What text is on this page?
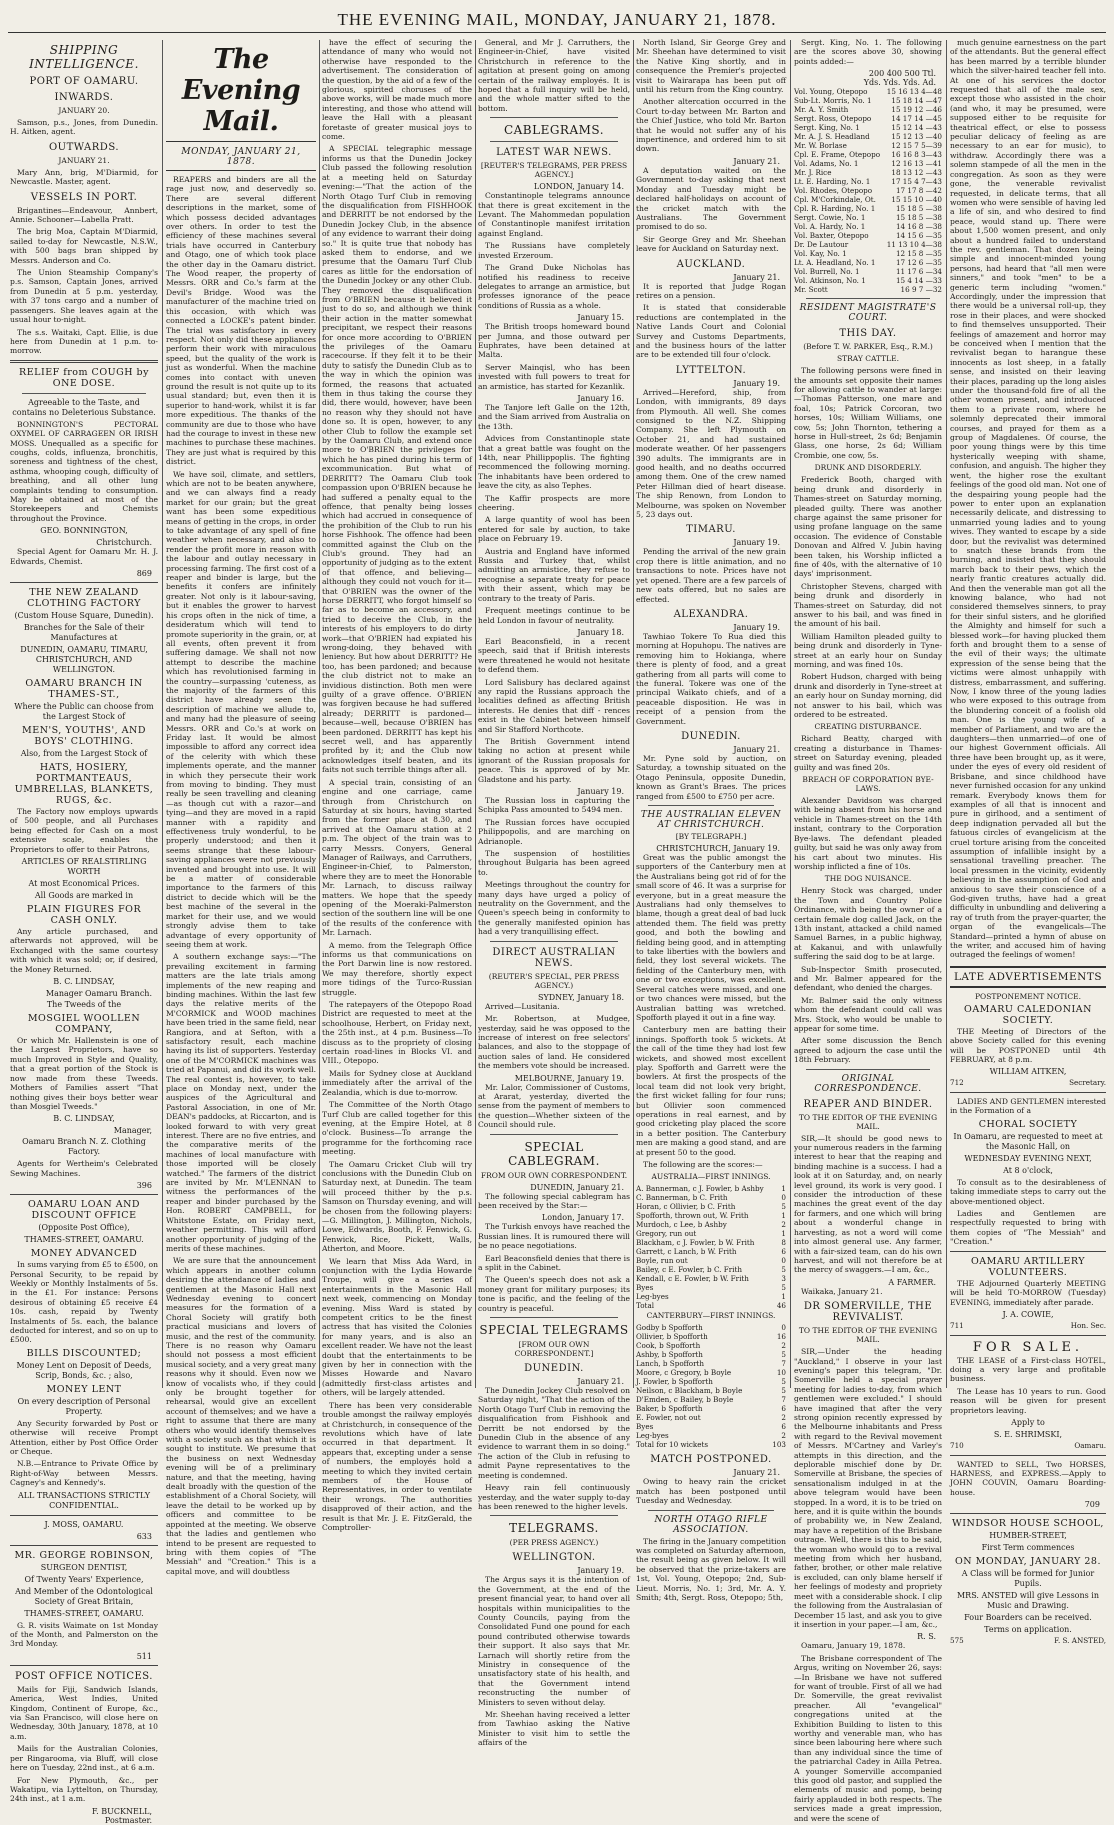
THE EVENING MAIL, MONDAY, JANUARY 21, 1878.
SHIPPING INTELLIGENCE.
PORT OF OAMARU.
INWARDS.
JANUARY 20.

Samson, p.s., Jones, from Dunedin. H. Aitken, agent.

OUTWARDS.
JANUARY 21.

Mary Ann, brig, M'Diarmid, for Newcastle. Master, agent.

VESSELS IN PORT.

Brigantines—Endeavour, Annbert, Annie. Schooner—Labella Pratt.

The brig Moa, Captain M'Diarmid, sailed to-day for Newcastle, N.S.W., with 500 bags bran shipped by Messrs. Anderson and Co.

The Union Steamship Company's p.s. Samson, Captain Jones, arrived from Dunedin at 5 p.m. yesterday, with 37 tons cargo and a number of passengers. She leaves again at the usual hour to-night.

The s.s. Waitaki, Capt. Ellie, is due here from Dunedin at 1 p.m. to-morrow.

RELIEF from COUGH by ONE DOSE.
Agreeable to the Taste, and contains no Deleterious Substance.

BONNINGTON'S PECTORAL OXYMEL OF CARRAGEEN OR IRISH MOSS. Unequalled as a specific for coughs, colds, influenza, bronchitis, soreness and tightness of the chest, asthma, whooping cough, difficulty of breathing, and all other lung complaints tending to consumption. May be obtained at most of the Storekeepers and Chemists throughout the Province.

GEO. BONNINGTON,
Christchurch.

Special Agent for Oamaru Mr. H. J. Edwards, Chemist.

869
THE NEW ZEALAND CLOTHING FACTORY
(Custom House Square, Dunedin).
Branches for the Sale of their Manufactures at
DUNEDIN, OAMARU, TIMARU, CHRISTCHURCH, AND WELLINGTON.
OAMARU BRANCH IN THAMES-ST.,
Where the Public can choose from the Largest Stock of
MEN'S, YOUTHS', AND BOYS' CLOTHING.
Also, from the Largest Stock of
HATS, HOSIERY, PORTMANTEAUS, UMBRELLAS, BLANKETS, RUGS, &c.

The Factory now employs upwards of 500 people, and all Purchases being effected for Cash on a most extensive scale, enables the Proprietors to offer to their Patrons,

ARTICLES OF REALSTIRLING WORTH
At most Economical Prices.
All Goods are marked in
PLAIN FIGURES FOR CASH ONLY.

Any article purchased, and afterwards not approved, will be Exchanged with the same courtesy with which it was sold; or, if desired, the Money Returned.

B. C. LINDSAY,
Manager Oamaru Branch.
The Tweeds of the
MOSGIEL WOOLLEN COMPANY,

Or which Mr. Hallenstein is one of the Largest Proprietors, have so much Improved in Style and Quality, that a great portion of the Stock is now made from these Tweeds. Mothers of Families assert "That nothing gives their boys better wear than Mosgiel Tweeds."

B. C. LINDSAY,
Manager,
Oamaru Branch N. Z. Clothing Factory.

Agents for Wertheim's Celebrated Sewing Machines.

396
OAMARU LOAN AND DISCOUNT OFFICE
(Opposite Post Office),
THAMES-STREET, OAMARU.
MONEY ADVANCED

In sums varying from £5 to £500, on Personal Security, to be repaid by Weekly or Monthly Instalments of 5s. in the £1. For instance: Persons desirous of obtaining £5 receive £4 10s. cash, repaid by Twenty Instalments of 5s. each, the balance deducted for interest, and so on up to £500.

BILLS DISCOUNTED;
Money Lent on Deposit of Deeds, Scrip, Bonds, &c. ; also,
MONEY LENT
On every description of Personal Property.

Any Security forwarded by Post or otherwise will receive Prompt Attention, either by Post Office Order or Cheque.

N.B.—Entrance to Private Office by Right-of-Way between Messrs. Cagney's and Kennedy's.

ALL TRANSACTIONS STRICTLY CONFIDENTIAL.
J. MOSS, OAMARU.
633
MR. GEORGE ROBINSON,
SURGEON DENTIST,
Of Twenty Years' Experience,
And Member of the Odontological Society of Great Britain,
THAMES-STREET, OAMARU.

G. R. visits Waimate on 1st Monday of the Month, and Palmerston on the 3rd Monday.

511
POST OFFICE NOTICES.

Mails for Fiji, Sandwich Islands, America, West Indies, United Kingdom, Continent of Europe, &c., via San Francisco, will close here on Wednesday, 30th January, 1878, at 10 a.m.

Mails for the Australian Colonies, per Ringarooma, via Bluff, will close here on Tuesday, 22nd inst., at 6 a.m.

For New Plymouth, &c., per Wakatipu, via Lyttelton, on Thursday, 24th inst., at 1 a.m.

F. BUCKNELL,
Postmaster.
The Evening Mail.
MONDAY, JANUARY 21, 1878.

REAPERS and binders are all the rage just now, and deservedly so. There are several different descriptions in the market, some of which possess decided advantages over others. In order to test the efficiency of these machines several trials have occurred in Canterbury and Otago, one of which took place the other day in the Oamaru district. The Wood reaper, the property of Messrs. ORR and Co.'s farm at the Devil's Bridge. Wood was the manufacturer of the machine tried on this occasion, with which was connected a LOCKE's patent binder. The trial was satisfactory in every respect. Not only did these appliances perform their work with miraculous speed, but the quality of the work is just as wonderful. When the machine comes into contact with uneven ground the result is not quite up to its usual standard; but, even then it is superior to hand-work, whilst it is far more expeditious. The thanks of the community are due to those who have had the courage to invest in these new machines to purchase these machines. They are just what is required by this district.

We have soil, climate, and settlers, which are not to be beaten anywhere, and we can always find a ready market for our grain; but the great want has been some expeditious means of getting in the crops, in order to take advantage of any spell of fine weather when necessary, and also to render the profit more in reason with the labour and outlay necessary in processing farming. The first cost of a reaper and binder is large, but the benefits it confers are infinitely greater. Not only is it labour-saving, but it enables the grower to harvest his crops often in the nick of time, a desideratum which will tend to promote superiority in the grain, or, at all events, often prevent it from suffering damage. We shall not now attempt to describe the machine which has revolutionised farming in the country—surpassing 'cuteness, as the majority of the farmers of this district have already seen the description of machine we allude to, and many had the pleasure of seeing Messrs. ORR and Co.'s at work on Friday last. It would be almost impossible to afford any correct idea of the celerity with which these implements operate, and the manner in which they persecute their work from moving to binding. They must really be seen travelling and cleaning—as though cut with a razor—and tying—and they are moved in a rapid manner with a rapidity and effectiveness truly wonderful, to be properly understood; and then it seems strange that these labour-saving appliances were not previously invented and brought into use. It will be a matter of considerable importance to the farmers of this district to decide which will be the best machine of the several in the market for their use, and we would strongly advise them to take advantage of every opportunity of seeing them at work.

A southern exchange says:—"The prevailing excitement in farming matters are the late trials among implements of the new reaping and binding machines. Within the last few days the relative merits of the M'CORMICK and WOOD machines have been tried in the same field, near Rangiora, and at Sefton, with a satisfactory result, each machine having its list of supporters. Yesterday one of the M'CORMICK machines was tried at Papanui, and did its work well. The real contest is, however, to take place on Monday next, under the auspices of the Agricultural and Pastoral Association, in one of Mr. DEAN's paddocks, at Riccarton, and is looked forward to with very great interest. There are no five entries, and the comparative merits of the machines of local manufacture with those imported will be closely watched." The farmers of the district are invited by Mr. M'LENNAN to witness the performances of the reaper and binder purchased by the Hon. ROBERT CAMPBELL, for Whitstone Estate, on Friday next, weather permitting. This will afford another opportunity of judging of the merits of these machines.

We are sure that the announcement which appears in another column desiring the attendance of ladies and gentlemen at the Masonic Hall next Wednesday evening to concert measures for the formation of a Choral Society will gratify both practical musicians and lovers of music, and the rest of the community. There is no reason why Oamaru should not possess a most efficient musical society, and a very great many reasons why it should. Even now we know of vocalists who, if they could only be brought together for rehearsal, would give an excellent account of themselves; and we have a right to assume that there are many others who would identify themselves with a society such as that which it is sought to institute. We presume that the business on next Wednesday evening will be of a preliminary nature, and that the meeting, having dealt broadly with the question of the establishment of a Choral Society, will leave the detail to be worked up by officers and committee to be appointed at the meeting. We observe that the ladies and gentlemen who intend to be present are requested to bring with them copies of "The Messiah" and "Creation." This is a capital move, and will doubtless

have the effect of securing the attendance of many who would not otherwise have responded to the advertisement. The consideration of the question, by the aid of a few of the glorious, spirited choruses of the above works, will be made much more interesting, and those who attend will leave the Hall with a pleasant foretaste of greater musical joys to come.

A SPECIAL telegraphic message informs us that the Dunedin Jockey Club passed the following resolution at a meeting held on Saturday evening:—"That the action of the North Otago Turf Club in removing the disqualification from FISHHOOK and DERRITT be not endorsed by the Dunedin Jockey Club, in the absence of any evidence to warrant their doing so." It is quite true that nobody has asked them to endorse, and we presume that the Oamaru Turf Club cares as little for the endorsation of the Dunedin Jockey or any other Club. They removed the disqualification from O'BRIEN because it believed it just to do so, and although we think their action in the matter somewhat precipitant, we respect their reasons for once more according to O'BRIEN the privileges of the Oamaru racecourse. If they felt it to be their duty to satisfy the Dunedin Club as to the way in which the opinion was formed, the reasons that actuated them in thus taking the course they did, there would, however, have been no reason why they should not have done so. It is open, however, to any other Club to follow the example set by the Oamaru Club, and extend once more to O'BRIEN the privileges for which he has pined during his term of excommunication. But what of DERRITT? The Oamaru Club took compassion upon O'BRIEN because he had suffered a penalty equal to the offence, that penalty being losses which had accrued in consequence of the prohibition of the Club to run his horse Fishhook. The offence had been committed against the Club on the Club's ground. They had an opportunity of judging as to the extent of that offence, and believing—although they could not vouch for it—that O'BRIEN was the owner of the horse DERRITT, who forgot himself so far as to become an accessory, and tried to deceive the Club, in the interests of his employers to do dirty work—that O'BRIEN had expiated his wrong-doing, they behaved with leniency. But how about DERRITT? He too, has been pardoned; and because the club district not to make an invidious distinction. Both men were guilty of a grave offence. O'BRIEN was forgiven because he had suffered already; DERRITT is pardoned—because—well, because O'BRIEN has been pardoned. DERRITT has kept his secret well, and has apparently profited by it; and the Club now acknowledges itself beaten, and its faits not such terrible things after all.

A special train, consisting of an engine and one carriage, came through from Christchurch on Saturday at six hours, having started from the former place at 8.30, and arrived at the Oamaru station at 2 p.m. The object of the train was to carry Messrs. Conyers, General Manager of Railways, and Carruthers, Engineer-in-Chief, to Palmerston, where they are to meet the Honorable Mr. Larnach, to discuss railway matters. We hope that the speedy opening of the Moeraki-Palmerston section of the southern line will be one of the results of the conference with Mr. Larnach.

A memo. from the Telegraph Office informs us that communications on the Port Darwin line is now restored. We may therefore, shortly expect more tidings of the Turco-Russian struggle.

The ratepayers of the Otepopo Road District are requested to meet at the schoolhouse, Herbert, on Friday next, the 25th inst., at 4 p.m. Business—To discuss as to the propriety of closing certain road-lines in Blocks VI. and VIII., Otepopo.

Mails for Sydney close at Auckland immediately after the arrival of the Zealandia, which is due to-morrow.

The Committee of the North Otago Turf Club are called together for this evening, at the Empire Hotel, at 8 o'clock. Business—To arrange the programme for the forthcoming race meeting.

The Oamaru Cricket Club will try conclusions with the Dunedin Club on Saturday next, at Dunedin. The team will proceed thither by the p.s. Samson on Thursday evening, and will be chosen from the following players:—G. Millington, J. Millington, Nichols, Lowe, Edwards, Booth, F. Fenwick, G. Fenwick, Rice, Pickett, Walls, Atherton, and Moore.

We learn that Miss Ada Ward, in conjunction with the Lydia Howarde Troupe, will give a series of entertainments in the Masonic Hall next week, commencing on Monday evening. Miss Ward is stated by competent critics to be the finest actress that has visited the Colonies for many years, and is also an excellent reader. We have not the least doubt that the entertainments to be given by her in connection with the Misses Howarde and Navaro (admittedly first-class artistes and others, will be largely attended.

There has been very considerable trouble amongst the railway employés at Christchurch, in consequence of the revolutions which have of late occurred in that department. It appears that, excepting under a sense of numbers, the employés hold a meeting to which they invited certain members of the House of Representatives, in order to ventilate their wrongs. The authorities disapproved of their action, and the result is that Mr. J. E. FitzGerald, the Comptroller-

General, and Mr J. Carruthers, the Engineer-in-Chief, have visited Christchurch in reference to the agitation at present going on among certain of the railway employés. It is hoped that a full inquiry will be held, and the whole matter sifted to the bottom.

CABLEGRAMS.
LATEST WAR NEWS.
[REUTER'S TELEGRAMS, PER PRESS AGENCY.]
LONDON, January 14.

Constantinople telegrams announce that there is great excitement in the Levant. The Mahommedan population of Constantinople manifest irritation against England.

The Russians have completely invested Erzeroum.

The Grand Duke Nicholas has notified his readiness to receive delegates to arrange an armistice, but professes ignorance of the peace conditions of Russia as a whole.

January 15.

The British troops homeward bound per Jumna, and those outward per Euphrates, have been detained at Malta.

Server Mainqisl, who has been invested with full powers to treat for an armistice, has started for Kezanlik.

January 16.

The Tanjore left Galle on the 12th, and the Siam arrived from Australia on the 13th.

Advices from Constantinople state that a great battle was fought on the 14th, near Phillippoplis. The fighting recommenced the following morning. The inhabitants have been ordered to leave the city, as also Tephes.

The Kaffir prospects are more cheering.

A large quantity of wool has been entered for sale by auction, to take place on February 19.

Austria and England have informed Russia and Turkey that, whilst admitting an armistice, they refuse to recognise a separate treaty for peace with their assent, which may be contrary to the treaty of Paris.

Frequent meetings continue to be held London in favour of neutrality.

January 18.

Earl Beaconsfield, in a recent speech, said that if British interests were threatened he would not hesitate to defend them.

Lord Salisbury has declared against any rapid the Russians approach the localities defined as affecting British interests. He denies that diff - rences exist in the Cabinet between himself and Sir Stafford Northcote.

The British Government intend taking no action at present while ignorant of the Russian proposals for peace. This is approved of by Mr. Gladstone and his party.

January 19.

The Russian loss in capturing the Schipka Pass amounted to 5494 men.

The Russian forces have occupied Philippopolis, and are marching on Adrianople.

The suspension of hostilities throughout Bulgaria has been agreed to.

Meetings throughout the country for many days have urged a policy of neutrality on the Government, and the Queen's speech being in conformity to the generally manifested opinion has had a very tranquillising effect.

DIRECT AUSTRALIAN NEWS.
(REUTER'S SPECIAL, PER PRESS AGENCY.)
SYDNEY, January 18.

Arrived—Lusitania.

Mr. Robertson, at Mudgee, yesterday, said he was opposed to the increase of interest on free selectors' balances, and also to the stoppage of auction sales of land. He considered the members vote should be increased.

MELBOURNE, January 19.

Mr. Lalor, Commissioner of Customs, at Ararat, yesterday, diverted the sense from the payment of members to the question—Whether sixteen of the Council should rule.

SPECIAL CABLEGRAM.
FROM OUR OWN CORRESPONDENT.
DUNEDIN, January 21.

The following special cablegram has been received by the Star:—

London, January 17.

The Turkish envoys have reached the Russian lines. It is rumoured there will be no peace negotiations.

Earl Beaconsfield denies that there is a split in the Cabinet.

The Queen's speech does not ask a money grant for military purposes; its tone is pacific, and the feeling of the country is peaceful.

SPECIAL TELEGRAMS
[FROM OUR OWN CORRESPONDENT.]
DUNEDIN.
January 21.

The Dunedin Jockey Club resolved on Saturday night, "That the action of the North Otago Turf Club in removing the disqualification from Fishhook and Derritt be not endorsed by the Dunedin Club in the absence of any evidence to warrant them in so doing." The action of the Club in refusing to admit Payne representatives to the meeting is condemned.

Heavy rain fell continuously yesterday, and the water supply to-day has been renewed to the higher levels.

TELEGRAMS.
(PER PRESS AGENCY.)
WELLINGTON.
January 19.

The Argus says it is the intention of the Government, at the end of the present financial year, to hand over all hospitals within municipalities to the County Councils, paying from the Consolidated Fund one pound for each pound contributed otherwise towards their support. It also says that Mr. Larnach will shortly retire from the Ministry in consequence of the unsatisfactory state of his health, and that the Government intend reconstructing the number of Ministers to seven without delay.

Mr. Sheehan having received a letter from Tawhiao asking the Native Minister to visit him to settle the affairs of the

North Island, Sir George Grey and Mr. Sheehan have determined to visit the Native King shortly, and in consequence the Premier's projected visit to Wairarapa has been put off until his return from the King country.

Another altercation occurred in the Court to-day between Mr. Barton and the Chief Justice, who told Mr. Barton that he would not suffer any of his impertinence, and ordered him to sit down.

January 21.

A deputation waited on the Government to-day asking that next Monday and Tuesday might be declared half-holidays on account of the cricket match with the Australians. The Government promised to do so.

Sir George Grey and Mr. Sheehan leave for Auckland on Saturday next.

AUCKLAND.
January 21.

It is reported that Judge Rogan retires on a pension.

It is stated that considerable reductions are contemplated in the Native Lands Court and Colonial Survey and Customs Departments, and the business hours of the latter are to be extended till four o'clock.

LYTTELTON.
January 19.

Arrived—Hereford, ship, from London, with immigrants, 89 days from Plymouth. All well. She comes consigned to the N.Z. Shipping Company. She left Plymouth on October 21, and had sustained moderate weather. Of her passengers 390 adults. The immigrants are in good health, and no deaths occurred among them. One of the crew named Peter Hillman died of heart disease. The ship Renown, from London to Melbourne, was spoken on November 5, 23 days out.

TIMARU.
January 19.

Pending the arrival of the new grain crop there is little animation, and no transactions to note. Prices have not yet opened. There are a few parcels of new oats offered, but no sales are effected.

ALEXANDRA.
January 19.

Tawhiao Tokere To Rua died this morning at Hopuhopu. The natives are removing him to Hokianga, where there is plenty of food, and a great gathering from all parts will come to the funeral. Tokere was one of the principal Waikato chiefs, and of a peaceable disposition. He was in receipt of a pension from the Government.

DUNEDIN.
January 21.

Mr. Pyne sold by auction, on Saturday, a township situated on the Otago Peninsula, opposite Dunedin, known as Grant's Braes. The prices ranged from £500 to £750 per acre.

THE AUSTRALIAN ELEVEN AT CHRISTCHURCH.
[BY TELEGRAPH.]
CHRISTCHURCH, January 19.

Great was the public amongst the supporters of the Canterbury men at the Australians being got rid of for the small score of 46. It was a surprise for everyone, but in a great measure the Australians had only themselves to blame, though a great deal of bad luck attended them. The field was pretty good, and both the bowling and fielding being good, and in attempting to take liberties with the bowlers and field, they lost several wickets. The fielding of the Canterbury men, with one or two exceptions, was excellent. Several catches were missed, and one or two chances were missed, but the Australian batting was wretched. Spofforth played it out in a fine way.

Canterbury men are batting their innings. Spofforth took 5 wickets. At the call of the time they had lost few wickets, and showed most excellent play. Spofforth and Garrett were the bowlers. At first the prospects of the local team did not look very bright, the first wicket falling for four runs; but Ollivier soon commenced operations in real earnest, and by good cricketing play placed the score in a better position. The Canterbury men are making a good stand, and are at present 50 to the good.

The following are the scores:—

AUSTRALIA—FIRST INNINGS.
A. Bannerman, c J. Fowler, b Ashby 1
C. Bannerman, b C. Frith	0
Horan, c Ollivier, b C. Frith	5
Spofforth, thrown out, W. Frith	1
Murdoch, c Lee, b Ashby	2
Gregory, run out	1
Blackham, c J. Fowler, b W. Frith	8
Garrett, c Lanch, b W. Frith	6
Boyle, run out	0
Bailey, c E. Fowler, b C. Frith	5
Kendall, c E. Fowler, b W. Frith	3
Byes	5
Leg-byes	1
Total	46
CANTERBURY—FIRST INNINGS.
Godby b Spofforth	0
Ollivier, b Spofforth	16
Cook, b Spofforth	2
Ashby, b Spofforth	5
Lanch, b Spofforth	7
Moore, c Gregory, b Boyle	10
J. Fowler, b Spofforth	5
Neilson, c Blackham, b Boyle	5
D'Emden, c Bailey, b Boyle	7
Baker, b Spofforth	6
E. Fowler, not out	2
Byes	6
Leg-byes	2
Total for 10 wickets	103
MATCH POSTPONED.
January 21.

Owing to heavy rain the cricket match has been postponed until Tuesday and Wednesday.

NORTH OTAGO RIFLE ASSOCIATION.

The firing in the January competition was completed on Saturday afternoon, the result being as given below. It will be observed that the prize-takers are 1st, Vol. Young, Otepopo; 2nd, Sub-Lieut. Morris, No. 1; 3rd, Mr. A. Y. Smith; 4th, Sergt. Ross, Otepopo; 5th,

Sergt. King, No. 1. The following are the scores above 30, showing points added:—

200 400 500 Ttl.
Yds. Yds. Yds. Ad.
Vol. Young, Otepopo	15 16 13 4—48
Sub-Lt. Morris, No. 1	15 18 14 —47
Mr. A. Y. Smith	15 19 12 —46
Sergt. Ross, Otepopo	14 17 14 —45
Sergt. King, No. 1	15 12 14 —43
Mr. A. J. S. Headland	15 12 13 —40
Mr. W. Borlase	12 15 7 5—39
Cpl. E. Frame, Otepopo 16 16 8 3—43
Vol. Adams, No. 1	12 16 13 —41
Mr. J. Rice	18 13 12 —43
Lt. E. Harding, No. 1	17 15 4 7—43
Vol. Rhodes, Otepopo	17 17 8 —42
Cpl. M'Corkindale, Ot. 15 15 10 —40
Cpl. R. Harding, No. 1	15 18 5 —38
Sergt. Cowie, No. 1	15 18 5 —38
Vol. A. Hardy, No. 1	14 16 8 —38
Vol. Baxter, Otepopo	14 15 6 —35
Dr. De Lautour	11 13 10 4—38
Vol. Kay, No. 1	12 15 8 —35
Lt. A. Headland, No. 1	17 12 6 —35
Vol. Burrell, No. 1	11 17 6 —34
Vol. Atkinson, No. 1	15 4 14 —33
Mr. Scott	16 9 7 —32
RESIDENT MAGISTRATE'S COURT.
THIS DAY.
(Before T. W. PARKER, Esq., R.M.)
STRAY CATTLE.

The following persons were fined in the amounts set opposite their names for allowing cattle to wander at large:—Thomas Patterson, one mare and foal, 10s; Patrick Corcoran, two horses, 10s; William Williams, one cow, 5s; John Thornton, tethering a horse in Hull-street, 2s 6d; Benjamin Glass, one horse, 2s 6d; William Crombie, one cow, 5s.

DRUNK AND DISORDERLY.

Frederick Booth, charged with being drunk and disorderly in Thames-street on Saturday morning, pleaded guilty. There was another charge against the same prisoner for using profane language on the same occasion. The evidence of Constable Donovan and Alfred V. Jubin having been taken, his Worship inflicted a fine of 40s, with the alternative of 10 days' imprisonment.

Christopher Stevens, charged with being drunk and disorderly in Thames-street on Saturday, did not answer to his bail, and was fined in the amount of his bail.

William Hamilton pleaded guilty to being drunk and disorderly in Tyne-street at an early hour on Sunday morning, and was fined 10s.

Robert Hudson, charged with being drunk and disorderly in Tyne-street at an early hour on Sunday morning, did not answer to his bail, which was ordered to be estreated.

CREATING DISTURBANCE.

Richard Beatty, charged with creating a disturbance in Thames-street on Saturday evening, pleaded guilty and was fined 20s.

BREACH OF CORPORATION BYE-LAWS.

Alexander Davidson was charged with being absent from his horse and vehicle in Thames-street on the 14th instant, contrary to the Corporation Bye-laws. The defendant pleaded guilty, but said he was only away from his cart about two minutes. His worship inflicted a fine of 10s.

THE DOG NUISANCE.

Henry Stock was charged, under the Town and Country Police Ordinance, with being the owner of a certain female dog called Jack, on the 13th instant, attacked a child named Samuel Barnes, in a public highway, at Kakanui, and with unlawfully suffering the said dog to be at large.

Sub-Inspector Smith prosecuted, and Mr. Balmer appeared for the defendant, who denied the charges.

Mr. Balmer said the only witness whom the defendant could call was Mrs. Stock, who would be unable to appear for some time.

After some discussion the Bench agreed to adjourn the case until the 18th February.

ORIGINAL CORRESPONDENCE.
REAPER AND BINDER.
TO THE EDITOR OF THE EVENING MAIL.

SIR,—It should be good news to your numerous readers in the farming interest to hear that the reaping and binding machine is a success. I had a look at it on Saturday, and, on nearly level ground, its work is very good. I consider the introduction of these machines the great event of the day for farmers, and one which will bring about a wonderful change in harvesting, as not a word will come into almost general use. Any farmer, with a fair-sized team, can do his own harvest, and will not therefore be at the mercy of swaggers.—I am, &c.,

A FARMER.

Waikaka, January 21.

DR SOMERVILLE, THE REVIVALIST.
TO THE EDITOR OF THE EVENING MAIL.

SIR,—Under the heading "Auckland," I observe in your last evening's paper this telegram, "Dr. Somerville held a special prayer meeting for ladies to-day, from which gentlemen were excluded." I should have imagined that after the very strong opinion recently expressed by the Melbourne inhabitants and Press with regard to the Revival movement of Messrs. M'Cartney and Varley's attempts in this direction, and the deplorable mischief done by Dr. Somerville at Brisbane, the species of sensationalism indulged in at the above telegram would have been stopped. In a word, it is to be tried on here, and it is quite within the bounds of probability we, in New Zealand, may have a repetition of the Brisbane outrage. Well, there is this to be said, the woman who would go to a revival meeting from which her husband, father, brother, or other male relative is excluded, can only blame herself if her feelings of modesty and propriety meet with a considerable shock. I clip the following from the Australasian of December 15 last, and ask you to give it insertion in your paper.—I am, &c.,

R. S.

Oamaru, January 19, 1878.

The Brisbane correspondent of The Argus, writing on November 26, says:—In Brisbane we have not suffered for want of trouble. First of all we had Dr. Somerville, the great revivalist preacher. All "evangelical" congregations united at the Exhibition Building to listen to this worthy and venerable man, who has since been labouring here where such than any individual since the time of the patriarchal Cadey in Ailla Petrea. A younger Somerville accompanied this good old pastor, and supplied the elements of music and pomp, being fairly applauded in both respects. The services made a great impression, and were the scene of

much genuine earnestness on the part of the attendants. But the general effect has been marred by a terrible blunder which the silver-haired teacher fell into. At one of his services the doctor requested that all of the male sex, except those who assisted in the choir (and who, it may be presumed, were supposed either to be requisite for theatrical effect, or else to possess peculiar delicacy of feeling as are necessary to an ear for music), to withdraw. Accordingly there was a solemn stampede of all the men in the congregation. As soon as they were gone, the venerable revivalist requested, in delicate terms, that all women who were sensible of having led a life of sin, and who desired to find peace, would stand up. There were about 1,500 women present, and only about a hundred failed to understand the rev. gentleman. That dozen being simple and innocent-minded young persons, had heard that "all men were sinners," and took "men" to be a generic term including "women." Accordingly, under the impression that there would be a universal roll-up, they rose in their places, and were shocked to find themselves unsupported. Their feelings of amazement and horror may be conceived when I mention that the revivalist began to harangue these innocents as lost sheep, in a fatally sense, and insisted on their leaving their places, parading up the long aisles under the thousand-fold fire of all the other women present, and introduced them to a private room, where he solemnly deprecated their immoral courses, and prayed for them as a group of Magdalenes. Of course, the poor young things were by this time hysterically weeping with shame, confusion, and anguish. The higher they went, the higher rose the exultant feelings of the good old man. Not one of the despairing young people had the power to enter upon an explanation necessarily delicate, and distressing to unmarried young ladies and to young wives. They wanted to escape by a side door, but the revivalist was determined to snatch these brands from the burning, and insisted that they should march back to their pews, which the nearly frantic creatures actually did. And then the venerable man got all the knowing balance, who had not considered themselves sinners, to pray for their sinful sisters, and he glorified the Almighty and himself for such a blessed work—for having plucked them forth and brought them to a sense of the evil of their ways; the ultimate expression of the sense being that the victims were almost unhappily with distress, embarrassment, and suffering. Now, I know three of the young ladies who were exposed to this outrage from the blundering conceit of a foolish old man. One is the young wife of a member of Parliament, and two are the daughters—then unmarried—of one of our highest Government officials. All three have been brought up, as it were, under the eyes of every old resident of Brisbane, and since childhood have never furnished occasion for any unkind remark. Everybody knows them for examples of all that is innocent and pure in girlhood, and a sentiment of deep indignation pervaded all but the fatuous circles of evangelicism at the cruel torture arising from the conceited assumption of infallible insight by a sensational travelling preacher. The local pressmen in the vicinity, evidently believing in the assumption of God and anxious to save their conscience of a God-given truths, have had a great difficulty in unbundling and delivering a ray of truth from the prayer-quarter, the organ of the evangelicals—The Standard—printed a hymn of abuse on the writer, and accused him of having outraged the feelings of women!

LATE ADVERTISEMENTS
POSTPONEMENT NOTICE.
OAMARU CALEDONIAN SOCIETY.

THE Meeting of Directors of the above Society called for this evening will be POSTPONED until 4th FEBRUARY, at 8 p.m.

WILLIAM AITKEN,
712	Secretary.

LADIES AND GENTLEMEN interested in the Formation of a

CHORAL SOCIETY
In Oamaru, are requested to meet at the Masonic Hall, on
WEDNESDAY EVENING NEXT,
At 8 o'clock,

To consult as to the desirableness of taking immediate steps to carry out the above-mentioned object.

Ladies and Gentlemen are respectfully requested to bring with them copies of "The Messiah" and "Creation."

OAMARU ARTILLERY VOLUNTEERS.

THE Adjourned Quarterly MEETING will be held TO-MORROW (Tuesday) EVENING, immediately after parade.

J. A. COWIE,
711	Hon. Sec.
FOR SALE.

THE LEASE of a First-class HOTEL, doing a very large and profitable business.

The Lease has 10 years to run. Good reason will be given for present proprietors leaving.

Apply to
S. E. SHRIMSKI,
710	Oamaru.

WANTED to SELL, Two HORSES, HARNESS, and EXPRESS.—Apply to JOHN COUVIN, Oamaru Boarding-house.

709
WINDSOR HOUSE SCHOOL,
HUMBER-STREET,
First Term commences
ON MONDAY, JANUARY 28.
A Class will be formed for Junior Pupils.
MRS. ANSTED will give Lessons in Music and Drawing.
Four Boarders can be received.
Terms on application.
575	F. S. ANSTED,
